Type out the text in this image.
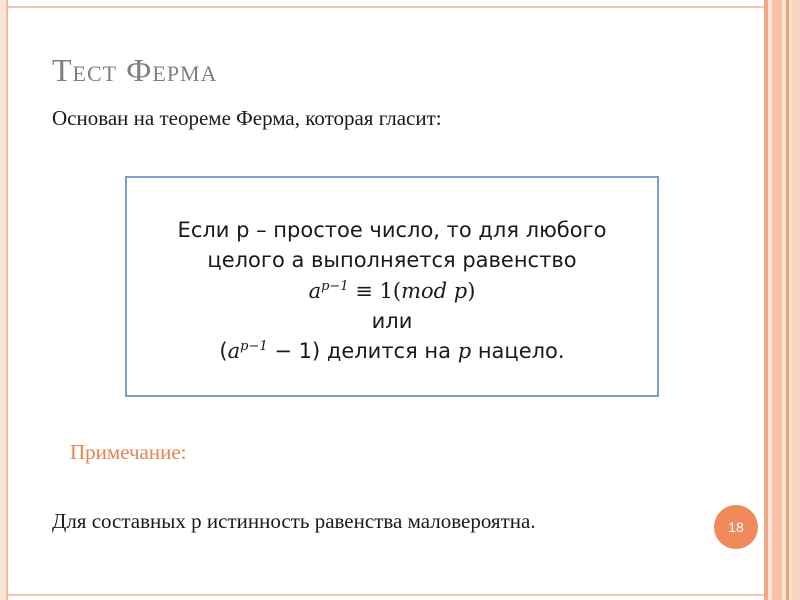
Тест Ферма
Основан на теореме Ферма, которая гласит:
Если p – простое число, то для любого
целого a выполняется равенство
$a^{p-1} \equiv 1(mod$ p)
или
$(a^{p-1} - 1)$ делится на p нацело.
Примечание:
Для составных p истинность равенства маловероятна.	18
